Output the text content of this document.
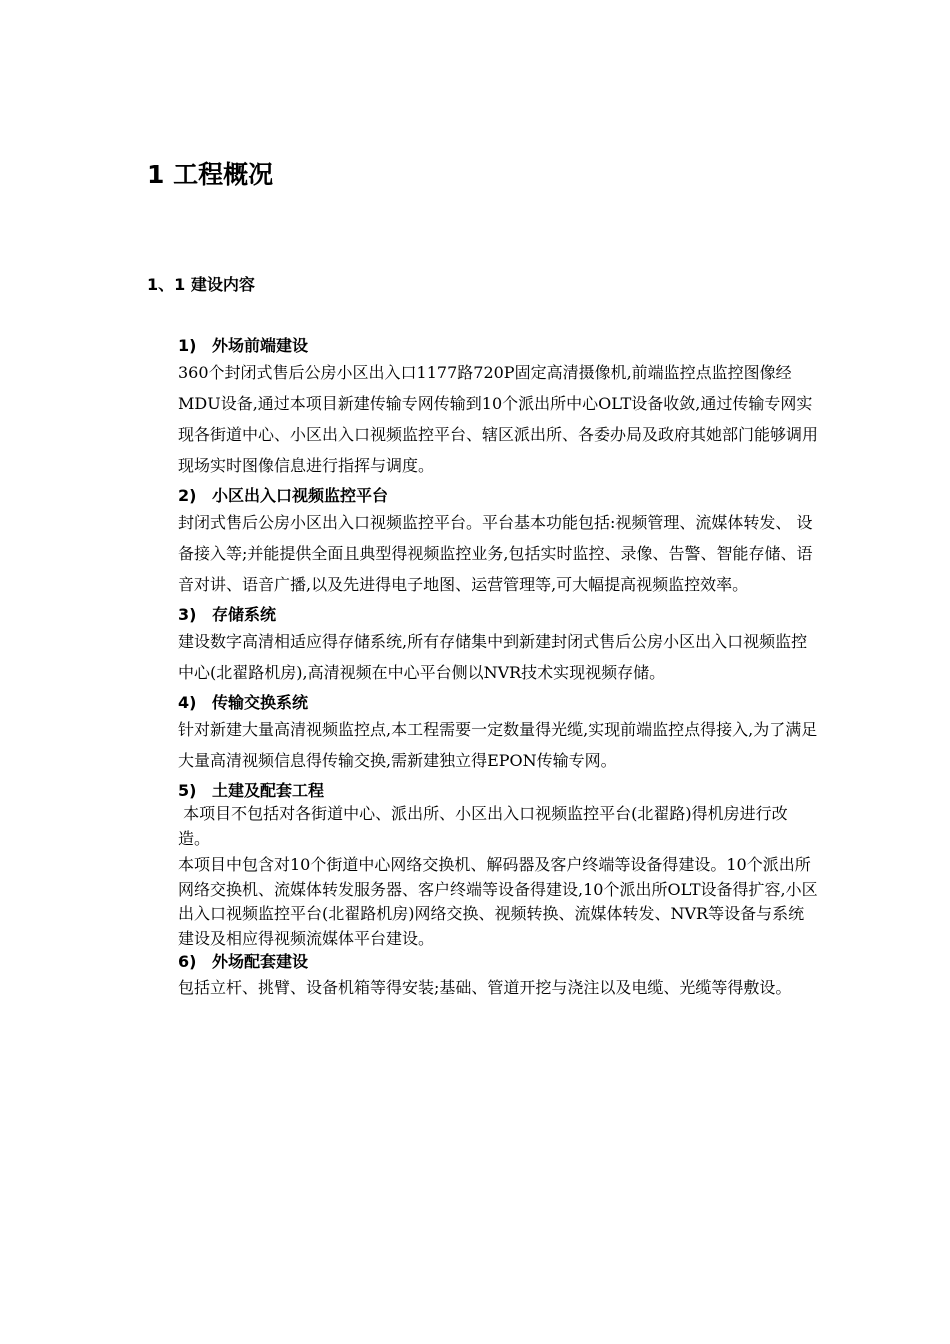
1 工程概况
1、1 建设内容

1) 外场前端建设

360个封闭式售后公房小区出入口1177路720P固定高清摄像机,前端监控点监控图像经MDU设备,通过本项目新建传输专网传输到10个派出所中心OLT设备收敛,通过传输专网实现各街道中心、小区出入口视频监控平台、辖区派出所、各委办局及政府其她部门能够调用现场实时图像信息进行指挥与调度。

2) 小区出入口视频监控平台

封闭式售后公房小区出入口视频监控平台。平台基本功能包括:视频管理、流媒体转发、 设备接入等;并能提供全面且典型得视频监控业务,包括实时监控、录像、告警、智能存储、语音对讲、语音广播,以及先进得电子地图、运营管理等,可大幅提高视频监控效率。

3) 存储系统

建设数字高清相适应得存储系统,所有存储集中到新建封闭式售后公房小区出入口视频监控中心(北翟路机房),高清视频在中心平台侧以NVR技术实现视频存储。

4) 传输交换系统

针对新建大量高清视频监控点,本工程需要一定数量得光缆,实现前端监控点得接入,为了满足大量高清视频信息得传输交换,需新建独立得EPON传输专网。

5) 土建及配套工程

本项目不包括对各街道中心、派出所、小区出入口视频监控平台(北翟路)得机房进行改造。

本项目中包含对10个街道中心网络交换机、解码器及客户终端等设备得建设。10个派出所网络交换机、流媒体转发服务器、客户终端等设备得建设,10个派出所OLT设备得扩容,小区出入口视频监控平台(北翟路机房)网络交换、视频转换、流媒体转发、NVR等设备与系统建设及相应得视频流媒体平台建设。

6) 外场配套建设

包括立杆、挑臂、设备机箱等得安装;基础、管道开挖与浇注以及电缆、光缆等得敷设。
